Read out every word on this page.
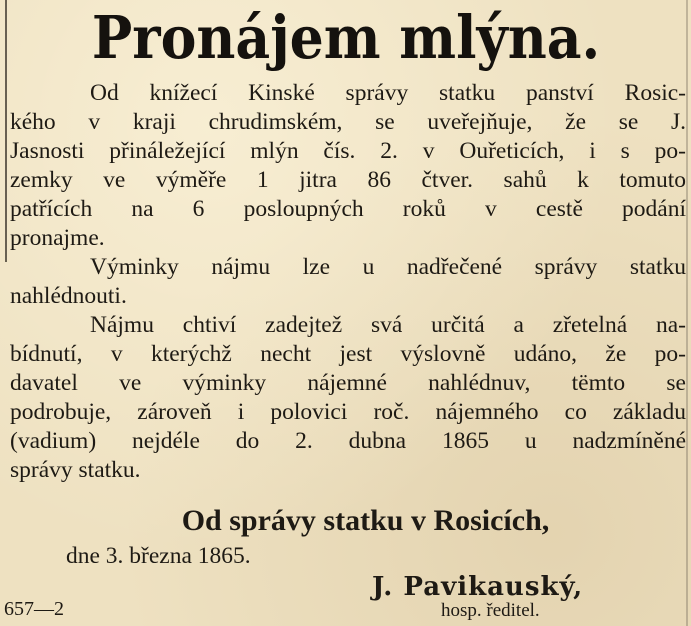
Pronájem mlýna.
Od knížecí Kinské správy statku panství Rosic-
kého v kraji chrudimském, se uveřejňuje, že se J.
Jasnosti přináležející mlýn čís. 2. v Ouřeticích, i s po-
zemky ve výměře 1 jitra 86 čtver. sahů k tomuto
patřících na 6 posloupných roků v cestě podání
pronajme.
Výminky nájmu lze u nadřečené správy statku
nahlédnouti.
Nájmu chtiví zadejtež svá určitá a zřetelná na-
bídnutí, v kterýchž necht jest výslovně udáno, že po-
davatel ve výminky nájemné nahlédnuv, tëmto se
podrobuje, zároveň i polovici roč. nájemného co základu
(vadium) nejdéle do 2. dubna 1865 u nadzmíněné
správy statku.
Od správy statku v Rosicích,
dne 3. března 1865.
J. Pavikauský,
657—2	hosp. ředitel.
